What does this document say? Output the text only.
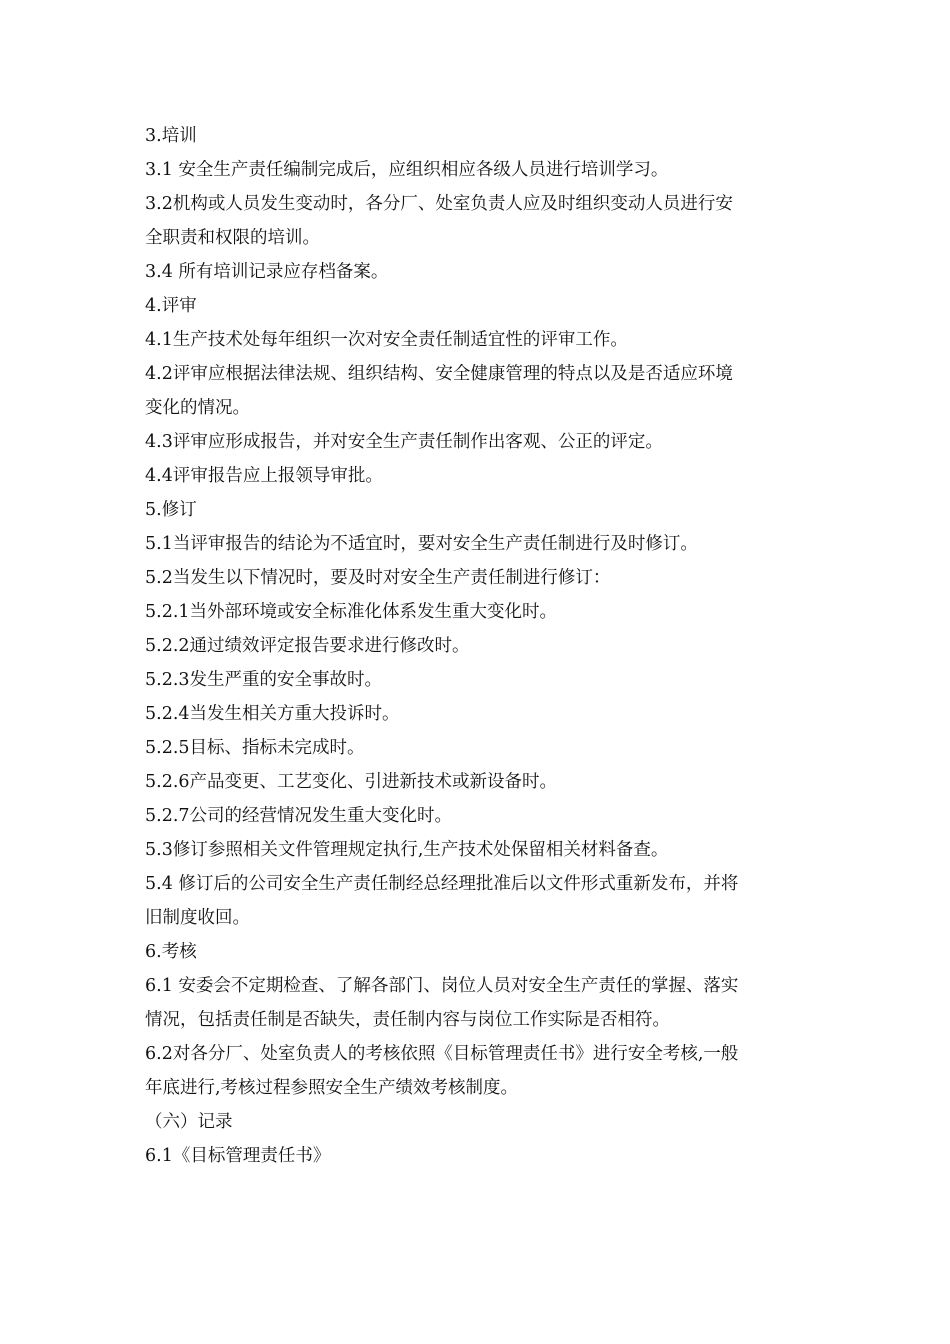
3.培训
3.1 安全生产责任编制完成后，应组织相应各级人员进行培训学习。
3.2机构或人员发生变动时，各分厂、处室负责人应及时组织变动人员进行安
全职责和权限的培训。
3.4 所有培训记录应存档备案。
4.评审
4.1生产技术处每年组织一次对安全责任制适宜性的评审工作。
4.2评审应根据法律法规、组织结构、安全健康管理的特点以及是否适应环境
变化的情况。
4.3评审应形成报告，并对安全生产责任制作出客观、公正的评定。
4.4评审报告应上报领导审批。
5.修订
5.1当评审报告的结论为不适宜时，要对安全生产责任制进行及时修订。
5.2当发生以下情况时，要及时对安全生产责任制进行修订：
5.2.1当外部环境或安全标准化体系发生重大变化时。
5.2.2通过绩效评定报告要求进行修改时。
5.2.3发生严重的安全事故时。
5.2.4当发生相关方重大投诉时。
5.2.5目标、指标未完成时。
5.2.6产品变更、工艺变化、引进新技术或新设备时。
5.2.7公司的经营情况发生重大变化时。
5.3修订参照相关文件管理规定执行,生产技术处保留相关材料备查。
5.4 修订后的公司安全生产责任制经总经理批准后以文件形式重新发布，并将
旧制度收回。
6.考核
6.1 安委会不定期检查、了解各部门、岗位人员对安全生产责任的掌握、落实
情况，包括责任制是否缺失，责任制内容与岗位工作实际是否相符。
6.2对各分厂、处室负责人的考核依照《目标管理责任书》进行安全考核,一般
年底进行,考核过程参照安全生产绩效考核制度。
（六）记录
6.1《目标管理责任书》
